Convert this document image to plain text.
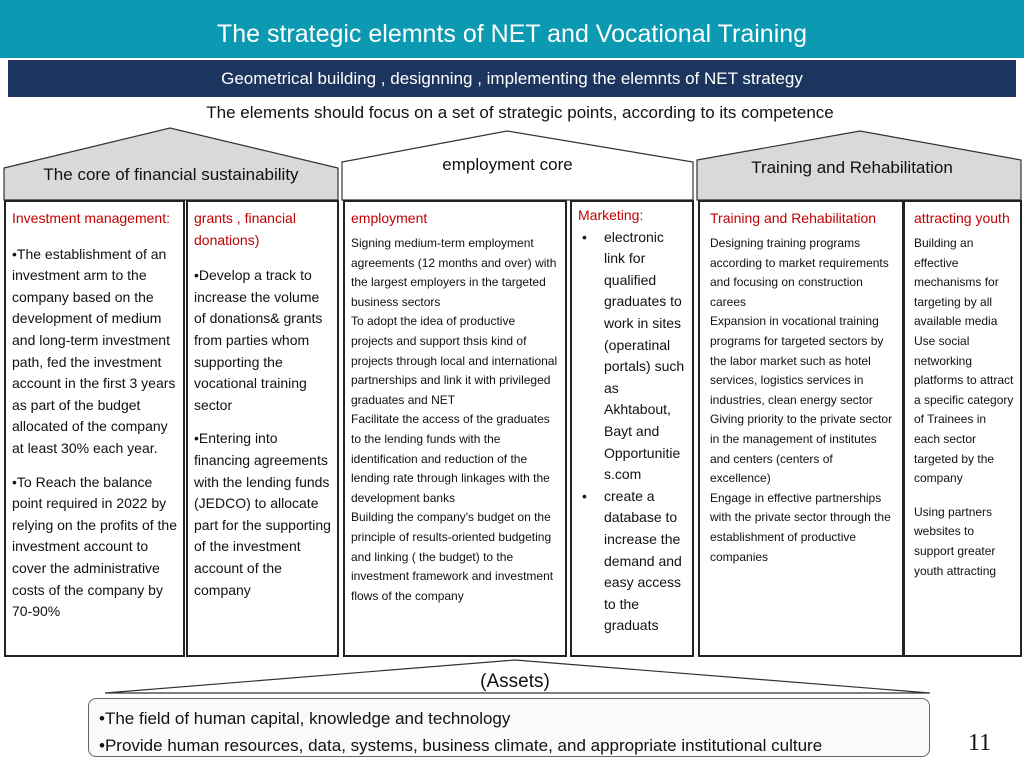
The strategic elemnts of NET and Vocational Training
Geometrical building , designning , implementing the elemnts of NET strategy
The elements should focus on a set of strategic points, according to its competence
The core of financial sustainability
employment core	Training and Rehabilitation
Investment management:
•The establishment of an investment arm to the company based on the development of medium and long-term investment path, fed the investment account in the first 3 years as part of the budget allocated of the company at least 30% each year.
•To Reach the balance point required in 2022 by relying on the profits of the investment account to cover the administrative costs of the company by 70-90%
grants , financial donations)
•Develop a track to increase the volume of donations& grants from parties whom supporting the vocational training sector
•Entering into financing agreements with the lending funds (JEDCO) to allocate part for the supporting of the investment account of the company
employment
Signing medium-term employment agreements (12 months and over) with the largest employers in the targeted business sectors
To adopt the idea of productive projects and support thsis kind of projects through local and international partnerships and link it with privileged graduates and NET
Facilitate the access of the graduates to the lending funds with the identification and reduction of the lending rate through linkages with the development banks
Building the company's budget on the principle of results-oriented budgeting and linking ( the budget) to the investment framework and investment flows of the company
Marketing:
• electronic link for qualified graduates to work in sites (operatinal portals) such as Akhtabout, Bayt and Opportunitie s.com
• create a database to increase the demand and easy access to the graduats
Training and Rehabilitation
Designing training programs according to market requirements and focusing on construction carees
Expansion in vocational training programs for targeted sectors by the labor market such as hotel services, logistics services in industries, clean energy sector
Giving priority to the private sector in the management of institutes and centers (centers of excellence)
Engage in effective partnerships with the private sector through the establishment of productive companies
attracting youth
Building an effective mechanisms for targeting by all available media
Use social networking platforms to attract a specific category of Trainees in each sector targeted by the company
Using partners websites to support greater youth attracting
(Assets)
•The field of human capital, knowledge and technology
•Provide human resources, data, systems, business climate, and appropriate institutional culture	11
